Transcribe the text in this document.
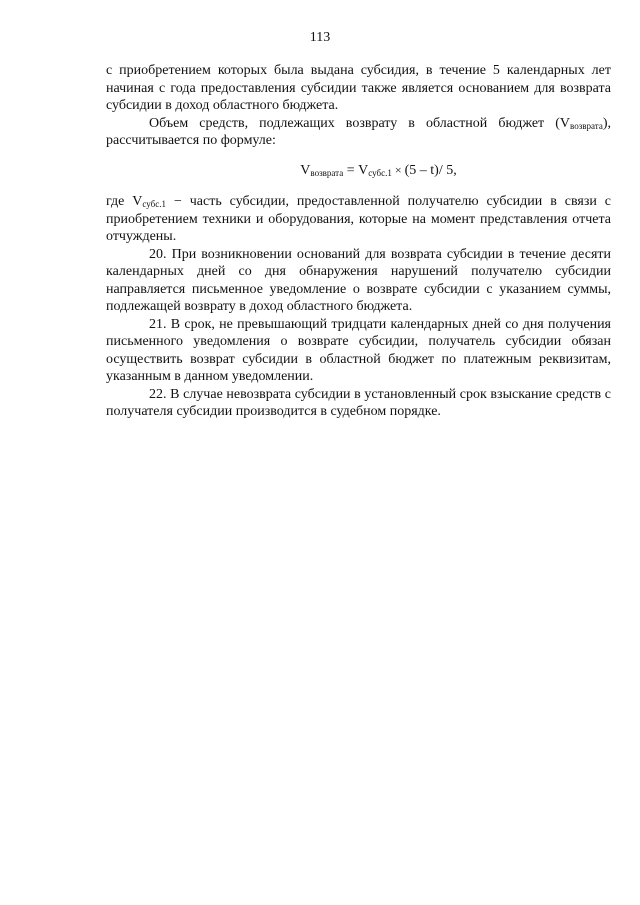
113

с приобретением которых была выдана субсидия, в течение 5 календарных лет начиная с года предоставления субсидии также является основанием для возврата субсидии в доход областного бюджета.

Объем средств, подлежащих возврату в областной бюджет $(V_{возврата})$, рассчитывается по формуле:

$V_{возврата} = V_{субс.1} \times (5 - t)/$ 5,

где $V_{субс.1}$ − часть субсидии, предоставленной получателю субсидии в связи с приобретением техники и оборудования, которые на момент представления отчета отчуждены.

20. При возникновении оснований для возврата субсидии в течение десяти календарных дней со дня обнаружения нарушений получателю субсидии направляется письменное уведомление о возврате субсидии с указанием суммы, подлежащей возврату в доход областного бюджета.

21. В срок, не превышающий тридцати календарных дней со дня получения письменного уведомления о возврате субсидии, получатель субсидии обязан осуществить возврат субсидии в областной бюджет по платежным реквизитам, указанным в данном уведомлении.

22. В случае невозврата субсидии в установленный срок взыскание средств с получателя субсидии производится в судебном порядке.
